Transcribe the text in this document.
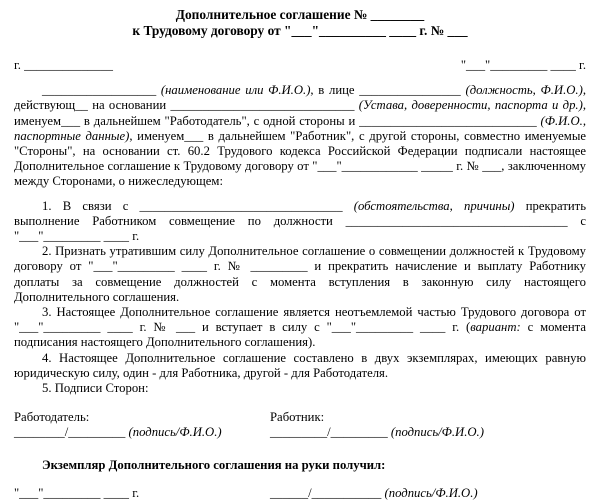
Дополнительное соглашение № ________
к Трудовому договору от "___"__________ ____ г. № ___
г. ______________	"___"_________ ____ г.

__________________ (наименование или Ф.И.О.), в лице ________________ (должность, Ф.И.О.), действующ__ на основании _____________________________ (Устава, доверенности, паспорта и др.), именуем___ в дальнейшем "Работодатель", с одной стороны и ____________________________ (Ф.И.О., паспортные данные), именуем___ в дальнейшем "Работник", с другой стороны, совместно именуемые "Стороны", на основании ст. 60.2 Трудового кодекса Российской Федерации подписали настоящее Дополнительное соглашение к Трудовому договору от "___"____________ _____ г. № ___, заключенному между Сторонами, о нижеследующем:

1. В связи с ________________________________ (обстоятельства, причины) прекратить выполнение Работником совмещение по должности ___________________________________ с "___"_________ ____ г.

2. Признать утратившим силу Дополнительное соглашение о совмещении должностей к Трудовому договору от "___"_________ ____ г. № _________ и прекратить начисление и выплату Работнику доплаты за совмещение должностей с момента вступления в законную силу настоящего Дополнительного соглашения.

3. Настоящее Дополнительное соглашение является неотъемлемой частью Трудового договора от "___"_________ ____ г. № ___ и вступает в силу с "___"_________ ____ г. (вариант: с момента подписания настоящего Дополнительного соглашения).

4. Настоящее Дополнительное соглашение составлено в двух экземплярах, имеющих равную юридическую силу, один - для Работника, другой - для Работодателя.

5. Подписи Сторон:

Работодатель:
________/_________ (подпись/Ф.И.О.)
Работник:
_________/_________ (подпись/Ф.И.О.)

Экземпляр Дополнительного соглашения на руки получил:

"___"_________ ____ г.	______/___________ (подпись/Ф.И.О.)
